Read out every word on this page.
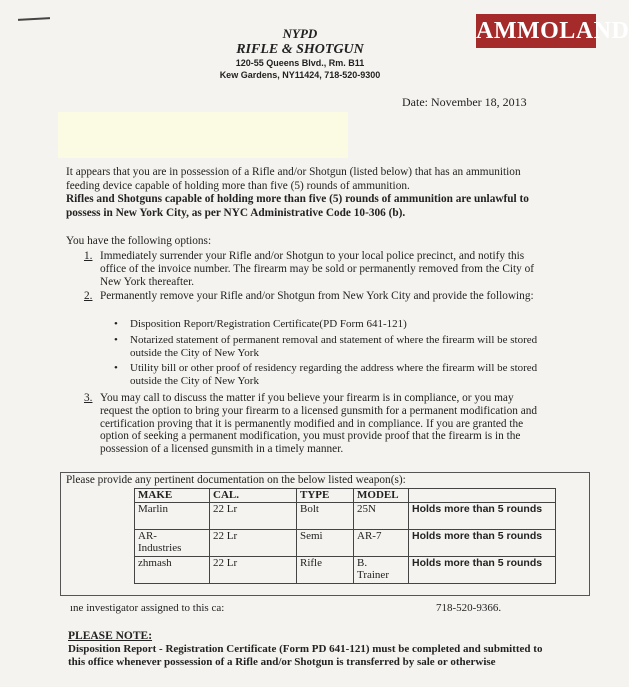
AMMOLAND
NYPD
RIFLE & SHOTGUN
120-55 Queens Blvd., Rm. B11
Kew Gardens, NY11424, 718-520-9300
Date: November 18, 2013
It appears that you are in possession of a Rifle and/or Shotgun (listed below) that has an ammunition feeding device capable of holding more than five (5) rounds of ammunition.
Rifles and Shotguns capable of holding more than five (5) rounds of ammunition are unlawful to possess in New York City, as per NYC Administrative Code 10-306 (b).
You have the following options:
1. Immediately surrender your Rifle and/or Shotgun to your local police precinct, and notify this office of the invoice number. The firearm may be sold or permanently removed from the City of New York thereafter.
2. Permanently remove your Rifle and/or Shotgun from New York City and provide the following:
• Disposition Report/Registration Certificate(PD Form 641-121)
• Notarized statement of permanent removal and statement of where the firearm will be stored outside the City of New York
• Utility bill or other proof of residency regarding the address where the firearm will be stored outside the City of New York
3. You may call to discuss the matter if you believe your firearm is in compliance, or you may request the option to bring your firearm to a licensed gunsmith for a permanent modification and certification proving that it is permanently modified and in compliance. If you are granted the option of seeking a permanent modification, you must provide proof that the firearm is in the possession of a licensed gunsmith in a timely manner.
Please provide any pertinent documentation on the below listed weapon(s):
MAKE	CAL.	TYPE	MODEL	
Marlin	22 Lr	Bolt	25N	Holds more than 5 rounds
AR-
Industries	22 Lr	Semi	AR-7	Holds more than 5 rounds
zhmash	22 Lr	Rifle	B.
Trainer	Holds more than 5 rounds
ıne investigator assigned to this ca:	718-520-9366.
PLEASE NOTE:
Disposition Report - Registration Certificate (Form PD 641-121) must be completed and submitted to this office whenever possession of a Rifle and/or Shotgun is transferred by sale or otherwise
